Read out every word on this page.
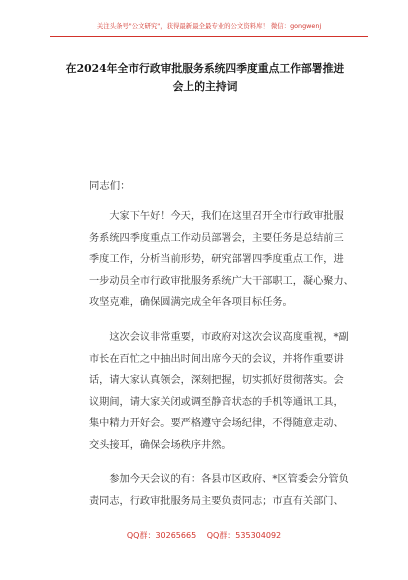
关注头条号"公文研究"，获得最新最全最专业的公文资料库！ 微信：gongwenj
在2024年全市行政审批服务系统四季度重点工作部署推进
会上的主持词
同志们：
　　大家下午好！今天，我们在这里召开全市行政审批服
务系统四季度重点工作动员部署会，主要任务是总结前三
季度工作，分析当前形势，研究部署四季度重点工作，进
一步动员全市行政审批服务系统广大干部职工，凝心聚力、
攻坚克难，确保圆满完成全年各项目标任务。
　　这次会议非常重要，市政府对这次会议高度重视，*副
市长在百忙之中抽出时间出席今天的会议，并将作重要讲
话，请大家认真领会，深刻把握，切实抓好贯彻落实。会
议期间，请大家关闭或调至静音状态的手机等通讯工具，
集中精力开好会。要严格遵守会场纪律，不得随意走动、
交头接耳，确保会场秩序井然。
　　参加今天会议的有：各县市区政府、*区管委会分管负
责同志，行政审批服务局主要负责同志；市直有关部门、
QQ群：30265665 QQ群：535304092
